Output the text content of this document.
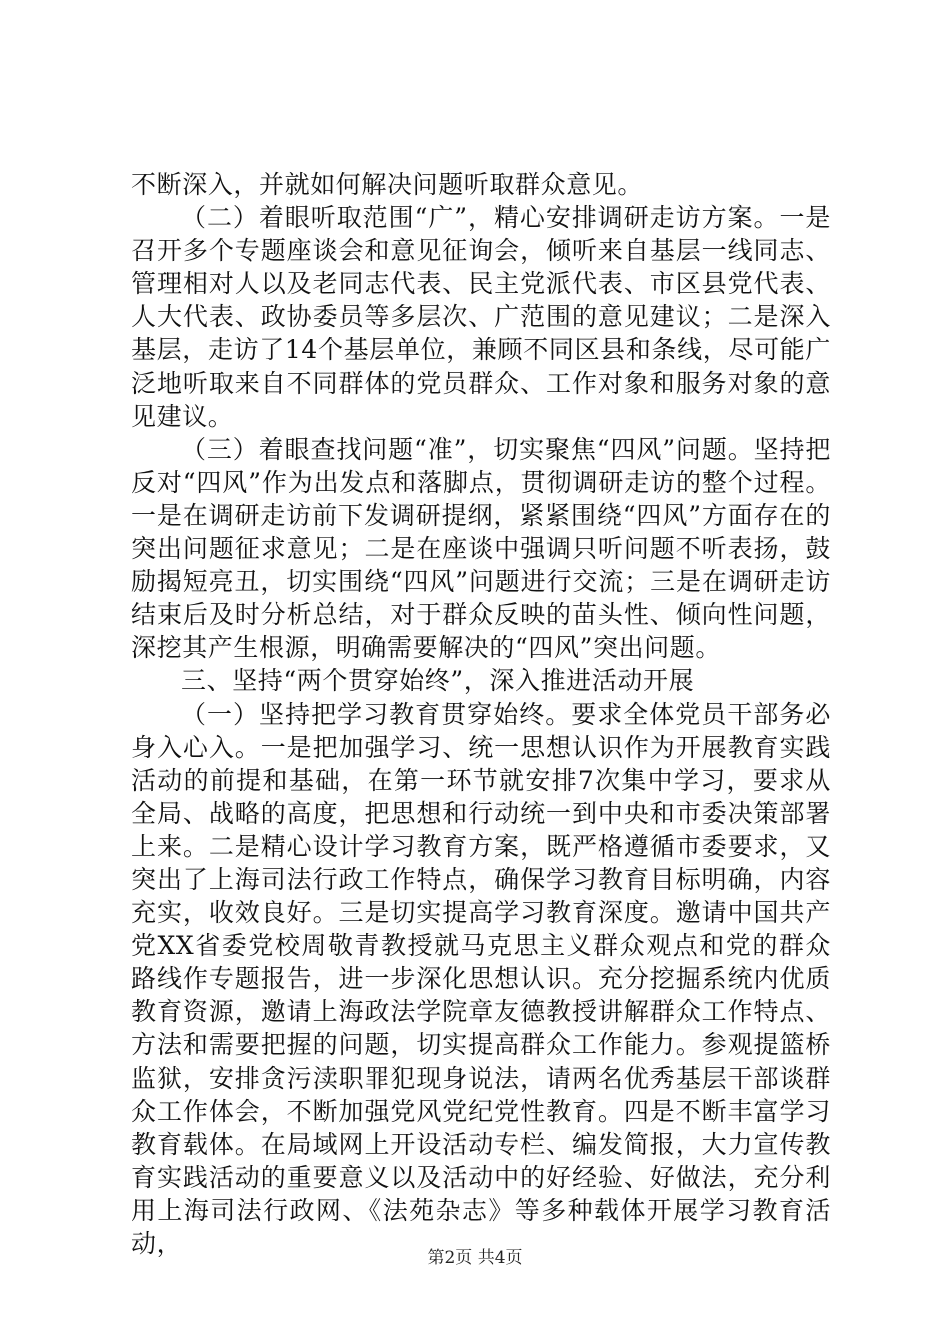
不断深入，并就如何解决问题听取群众意见。

（二）着眼听取范围“广”，精心安排调研走访方案。一是召开多个专题座谈会和意见征询会，倾听来自基层一线同志、管理相对人以及老同志代表、民主党派代表、市区县党代表、人大代表、政协委员等多层次、广范围的意见建议；二是深入基层，走访了14个基层单位，兼顾不同区县和条线，尽可能广泛地听取来自不同群体的党员群众、工作对象和服务对象的意见建议。

（三）着眼查找问题“准”，切实聚焦“四风”问题。坚持把反对“四风”作为出发点和落脚点，贯彻调研走访的整个过程。一是在调研走访前下发调研提纲，紧紧围绕“四风”方面存在的突出问题征求意见；二是在座谈中强调只听问题不听表扬，鼓励揭短亮丑，切实围绕“四风”问题进行交流；三是在调研走访结束后及时分析总结，对于群众反映的苗头性、倾向性问题，深挖其产生根源，明确需要解决的“四风”突出问题。

三、坚持“两个贯穿始终”，深入推进活动开展

（一）坚持把学习教育贯穿始终。要求全体党员干部务必身入心入。一是把加强学习、统一思想认识作为开展教育实践活动的前提和基础，在第一环节就安排7次集中学习，要求从全局、战略的高度，把思想和行动统一到中央和市委决策部署上来。二是精心设计学习教育方案，既严格遵循市委要求，又突出了上海司法行政工作特点，确保学习教育目标明确，内容充实，收效良好。三是切实提高学习教育深度。邀请中国共产党XX省委党校周敬青教授就马克思主义群众观点和党的群众路线作专题报告，进一步深化思想认识。充分挖掘系统内优质教育资源，邀请上海政法学院章友德教授讲解群众工作特点、方法和需要把握的问题，切实提高群众工作能力。参观提篮桥监狱，安排贪污渎职罪犯现身说法，请两名优秀基层干部谈群众工作体会，不断加强党风党纪党性教育。四是不断丰富学习教育载体。在局域网上开设活动专栏、编发简报，大力宣传教育实践活动的重要意义以及活动中的好经验、好做法，充分利用上海司法行政网、《法苑杂志》等多种载体开展学习教育活动，	第2页 共4页
